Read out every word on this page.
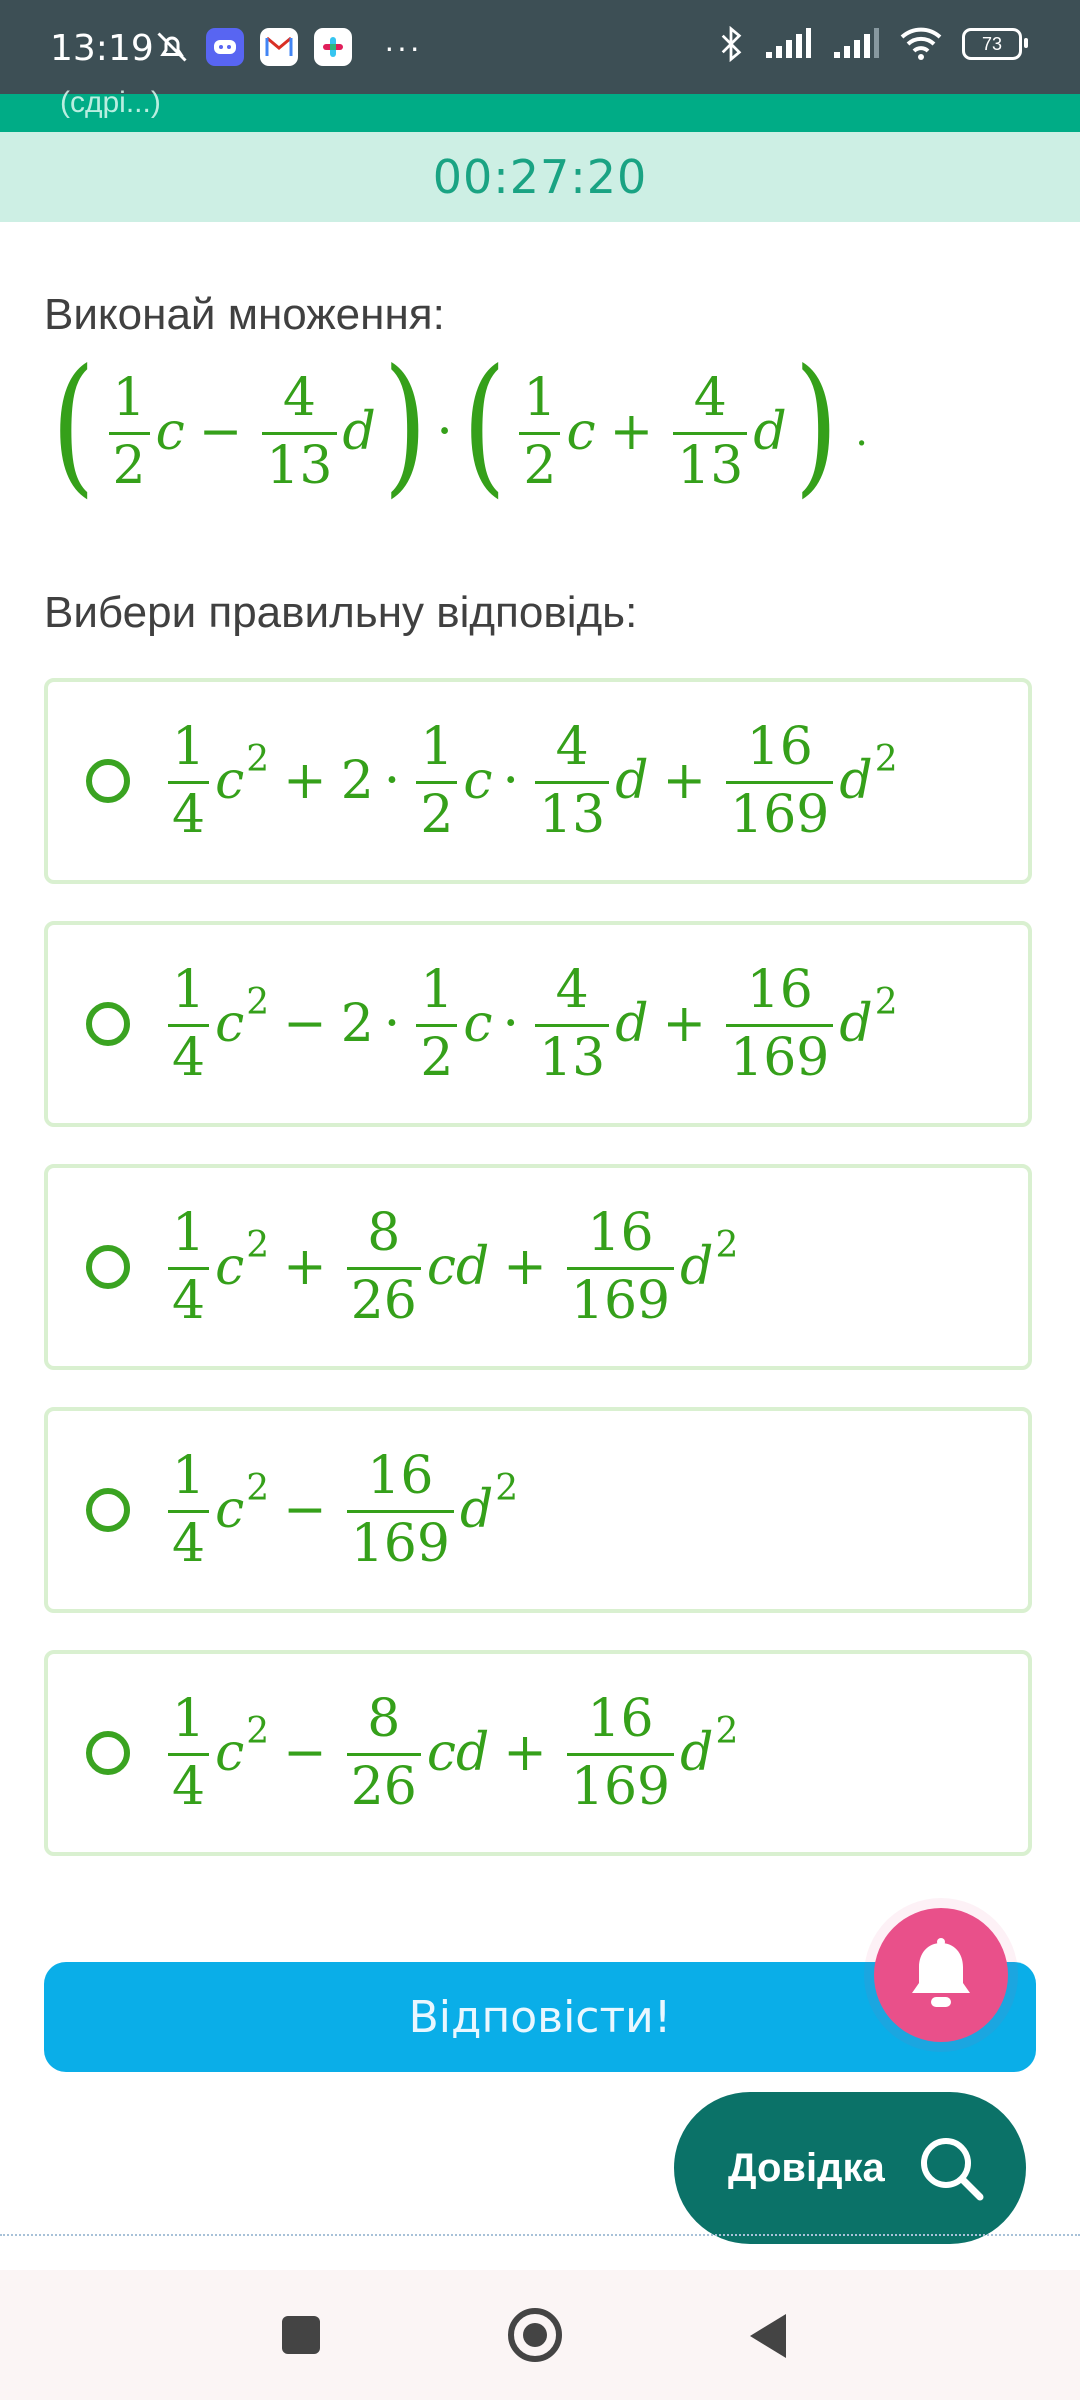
13:19	···	73
(сдрі...)
00:27:20
Виконай множення:
( $\frac{1}{2}$ $c - \frac{4}{13}$ d ) · ( $\frac{1}{2}$ $c + \frac{4}{13}$ d ) .
Вибери правильну відповідь:
$\frac{1}{4}$ c $2 + 2 \cdot \frac{1}{2}$ $c \cdot \frac{4}{13}$ $d + \frac{16}{169}$ d 2
$\frac{1}{4}$ c $2 - 2 \cdot \frac{1}{2}$ $c \cdot \frac{4}{13}$ $d + \frac{16}{169}$ d 2
$\frac{1}{4}$ c $2 + \frac{8}{26}$ cd + $\frac{16}{169}$ d 2
$\frac{1}{4}$ c $2 - \frac{16}{169}$ d 2
$\frac{1}{4}$ c $2 - \frac{8}{26}$ cd + $\frac{16}{169}$ d 2
Відповісти!
Довідка
